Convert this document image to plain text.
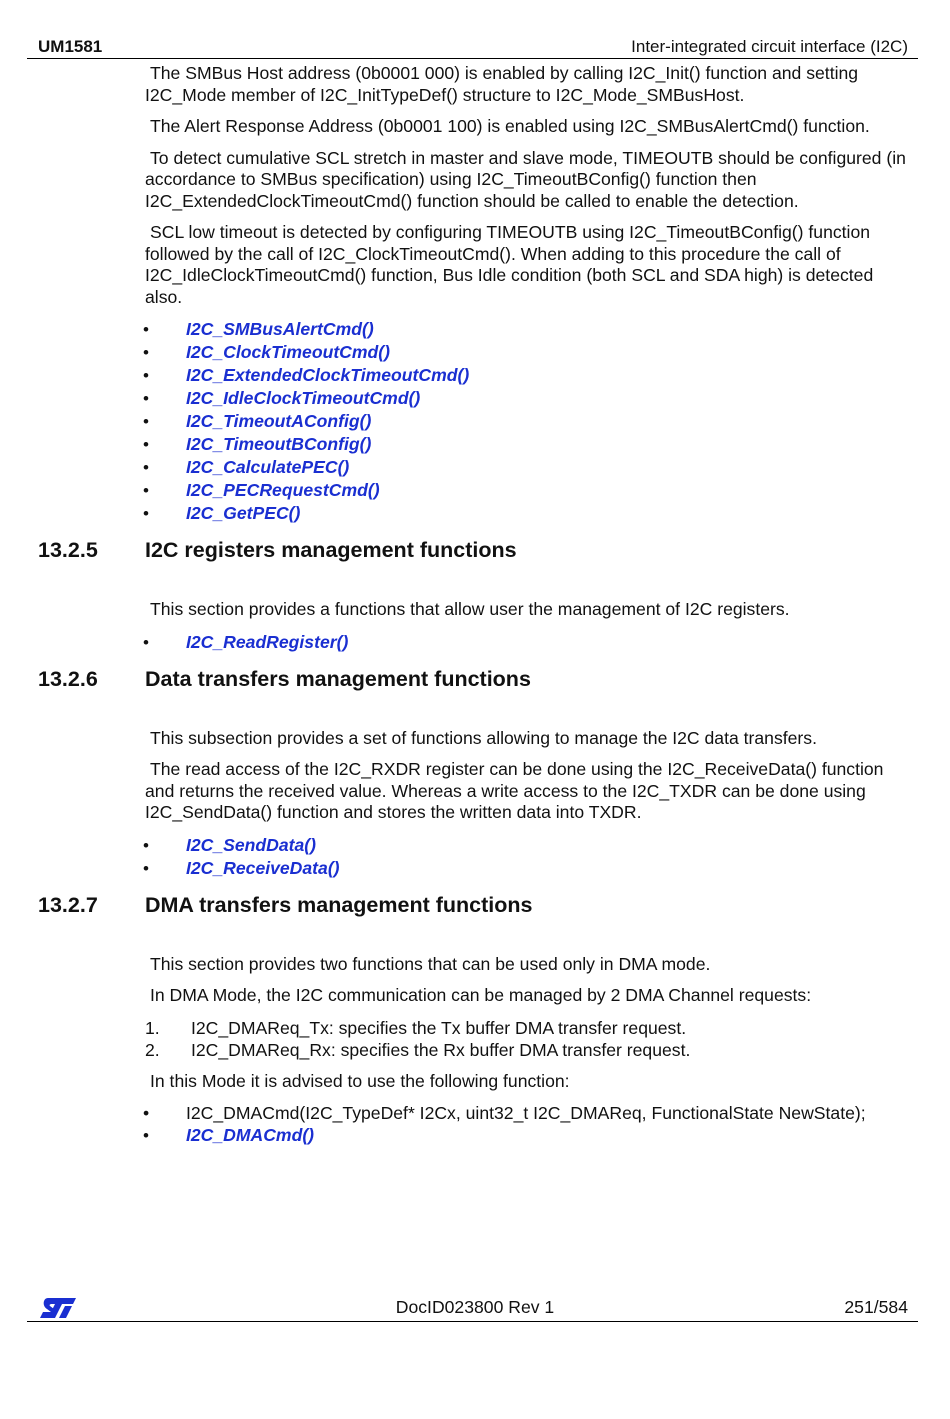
UM1581	Inter-integrated circuit interface (I2C)

The SMBus Host address (0b0001 000) is enabled by calling I2C_Init() function and setting I2C_Mode member of I2C_InitTypeDef() structure to I2C_Mode_SMBusHost.

The Alert Response Address (0b0001 100) is enabled using I2C_SMBusAlertCmd() function.

To detect cumulative SCL stretch in master and slave mode, TIMEOUTB should be configured (in accordance to SMBus specification) using I2C_TimeoutBConfig() function then I2C_ExtendedClockTimeoutCmd() function should be called to enable the detection.

SCL low timeout is detected by configuring TIMEOUTB using I2C_TimeoutBConfig() function followed by the call of I2C_ClockTimeoutCmd(). When adding to this procedure the call of I2C_IdleClockTimeoutCmd() function, Bus Idle condition (both SCL and SDA high) is detected also.

• I2C_SMBusAlertCmd()
• I2C_ClockTimeoutCmd()
• I2C_ExtendedClockTimeoutCmd()
• I2C_IdleClockTimeoutCmd()
• I2C_TimeoutAConfig()
• I2C_TimeoutBConfig()
• I2C_CalculatePEC()
• I2C_PECRequestCmd()
• I2C_GetPEC()
13.2.5 I2C registers management functions

This section provides a functions that allow user the management of I2C registers.

• I2C_ReadRegister()
13.2.6 Data transfers management functions

This subsection provides a set of functions allowing to manage the I2C data transfers.

The read access of the I2C_RXDR register can be done using the I2C_ReceiveData() function and returns the received value. Whereas a write access to the I2C_TXDR can be done using I2C_SendData() function and stores the written data into TXDR.

• I2C_SendData()
• I2C_ReceiveData()
13.2.7 DMA transfers management functions

This section provides two functions that can be used only in DMA mode.

In DMA Mode, the I2C communication can be managed by 2 DMA Channel requests:

1. I2C_DMAReq_Tx: specifies the Tx buffer DMA transfer request.
2. I2C_DMAReq_Rx: specifies the Rx buffer DMA transfer request.

In this Mode it is advised to use the following function:

• I2C_DMACmd(I2C_TypeDef* I2Cx, uint32_t I2C_DMAReq, FunctionalState NewState);
• I2C_DMACmd()
DocID023800 Rev 1	251/584
